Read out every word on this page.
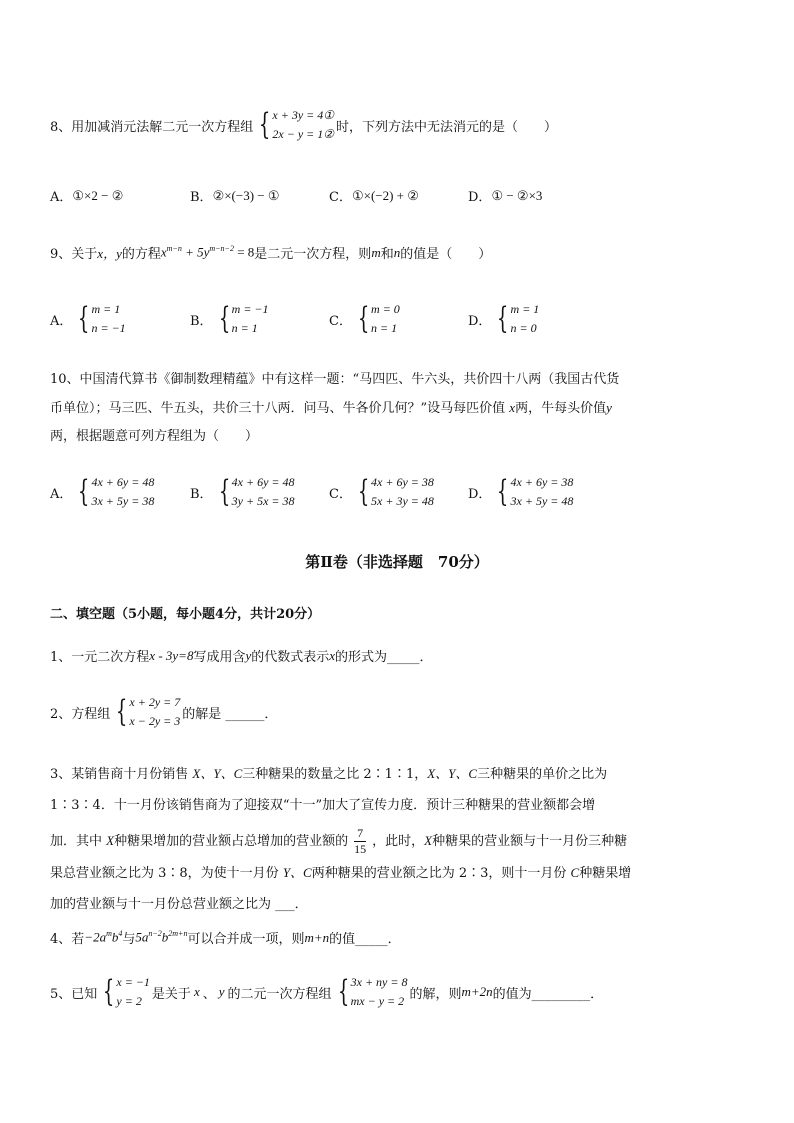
8、 用加减消元法解二元一次方程组 { x + 3y = 4①
2x − y = 1② 时，下列方法中无法消元的是（　　）
A． ①×2 − ②	B． ②×(−3) − ①	C． ①×(−2) + ②	D． ① − ②×3
9、 关于 x，y 的方程 $x^{m-n} + 5y^{m-n-2} = 8$ 是二元一次方程，则 m 和 n 的值是（　　）
A． { m = 1
n = −1	B． { m = −1
n = 1	C． { m = 0
n = 1	D． { m = 1
n = 0

10、中国清代算书《御制数理精蕴》中有这样一题：“马四匹、牛六头，共价四十八两（我国古代货

币单位）；马三匹、牛五头，共价三十八两．问马、牛各价几何？”设马每匹价值 x两，牛每头价值y

两，根据题意可列方程组为（　　）

A． { 4x + 6y = 48
3x + 5y = 38	B． { 4x + 6y = 48
3y + 5x = 38	C． { 4x + 6y = 38
5x + 3y = 48	D． { 4x + 6y = 38
3x + 5y = 48
第Ⅱ卷（非选择题　70分）
二、填空题（5小题，每小题4分，共计20分）
1、 一元二次方程 x - 3y=8 写成用含 y 的代数式表示 x 的形式为_____．
2、 方程组 { x + 2y = 7
x − 2y = 3 的解是 ______．

3、某销售商十月份销售 X、Y、C三种糖果的数量之比 2∶1∶1，X、Y、C三种糖果的单价之比为

1∶3∶4．十一月份该销售商为了迎接双“十一”加大了宣传力度．预计三种糖果的营业额都会增

加．其中 X种糖果增加的营业额占总增加的营业额的 $\frac{7}{15}$ ，此时，X种糖果的营业额与十一月份三种糖

果总营业额之比为 3∶8，为使十一月份 Y、C两种糖果的营业额之比为 2∶3，则十一月份 C种糖果增

加的营业额与十一月份总营业额之比为 ___．

4、 若 $-2a^mb^4$ 与 $5a^{n-2}b^{2m+n}$ 可以合并成一项，则 m+n 的值_____．
5、 已知 { x = −1
y = 2 是关于 x 、 y 的二元一次方程组 { 3x + ny = 8
mx − y = 2 的解，则 m+2n 的值为_________．
